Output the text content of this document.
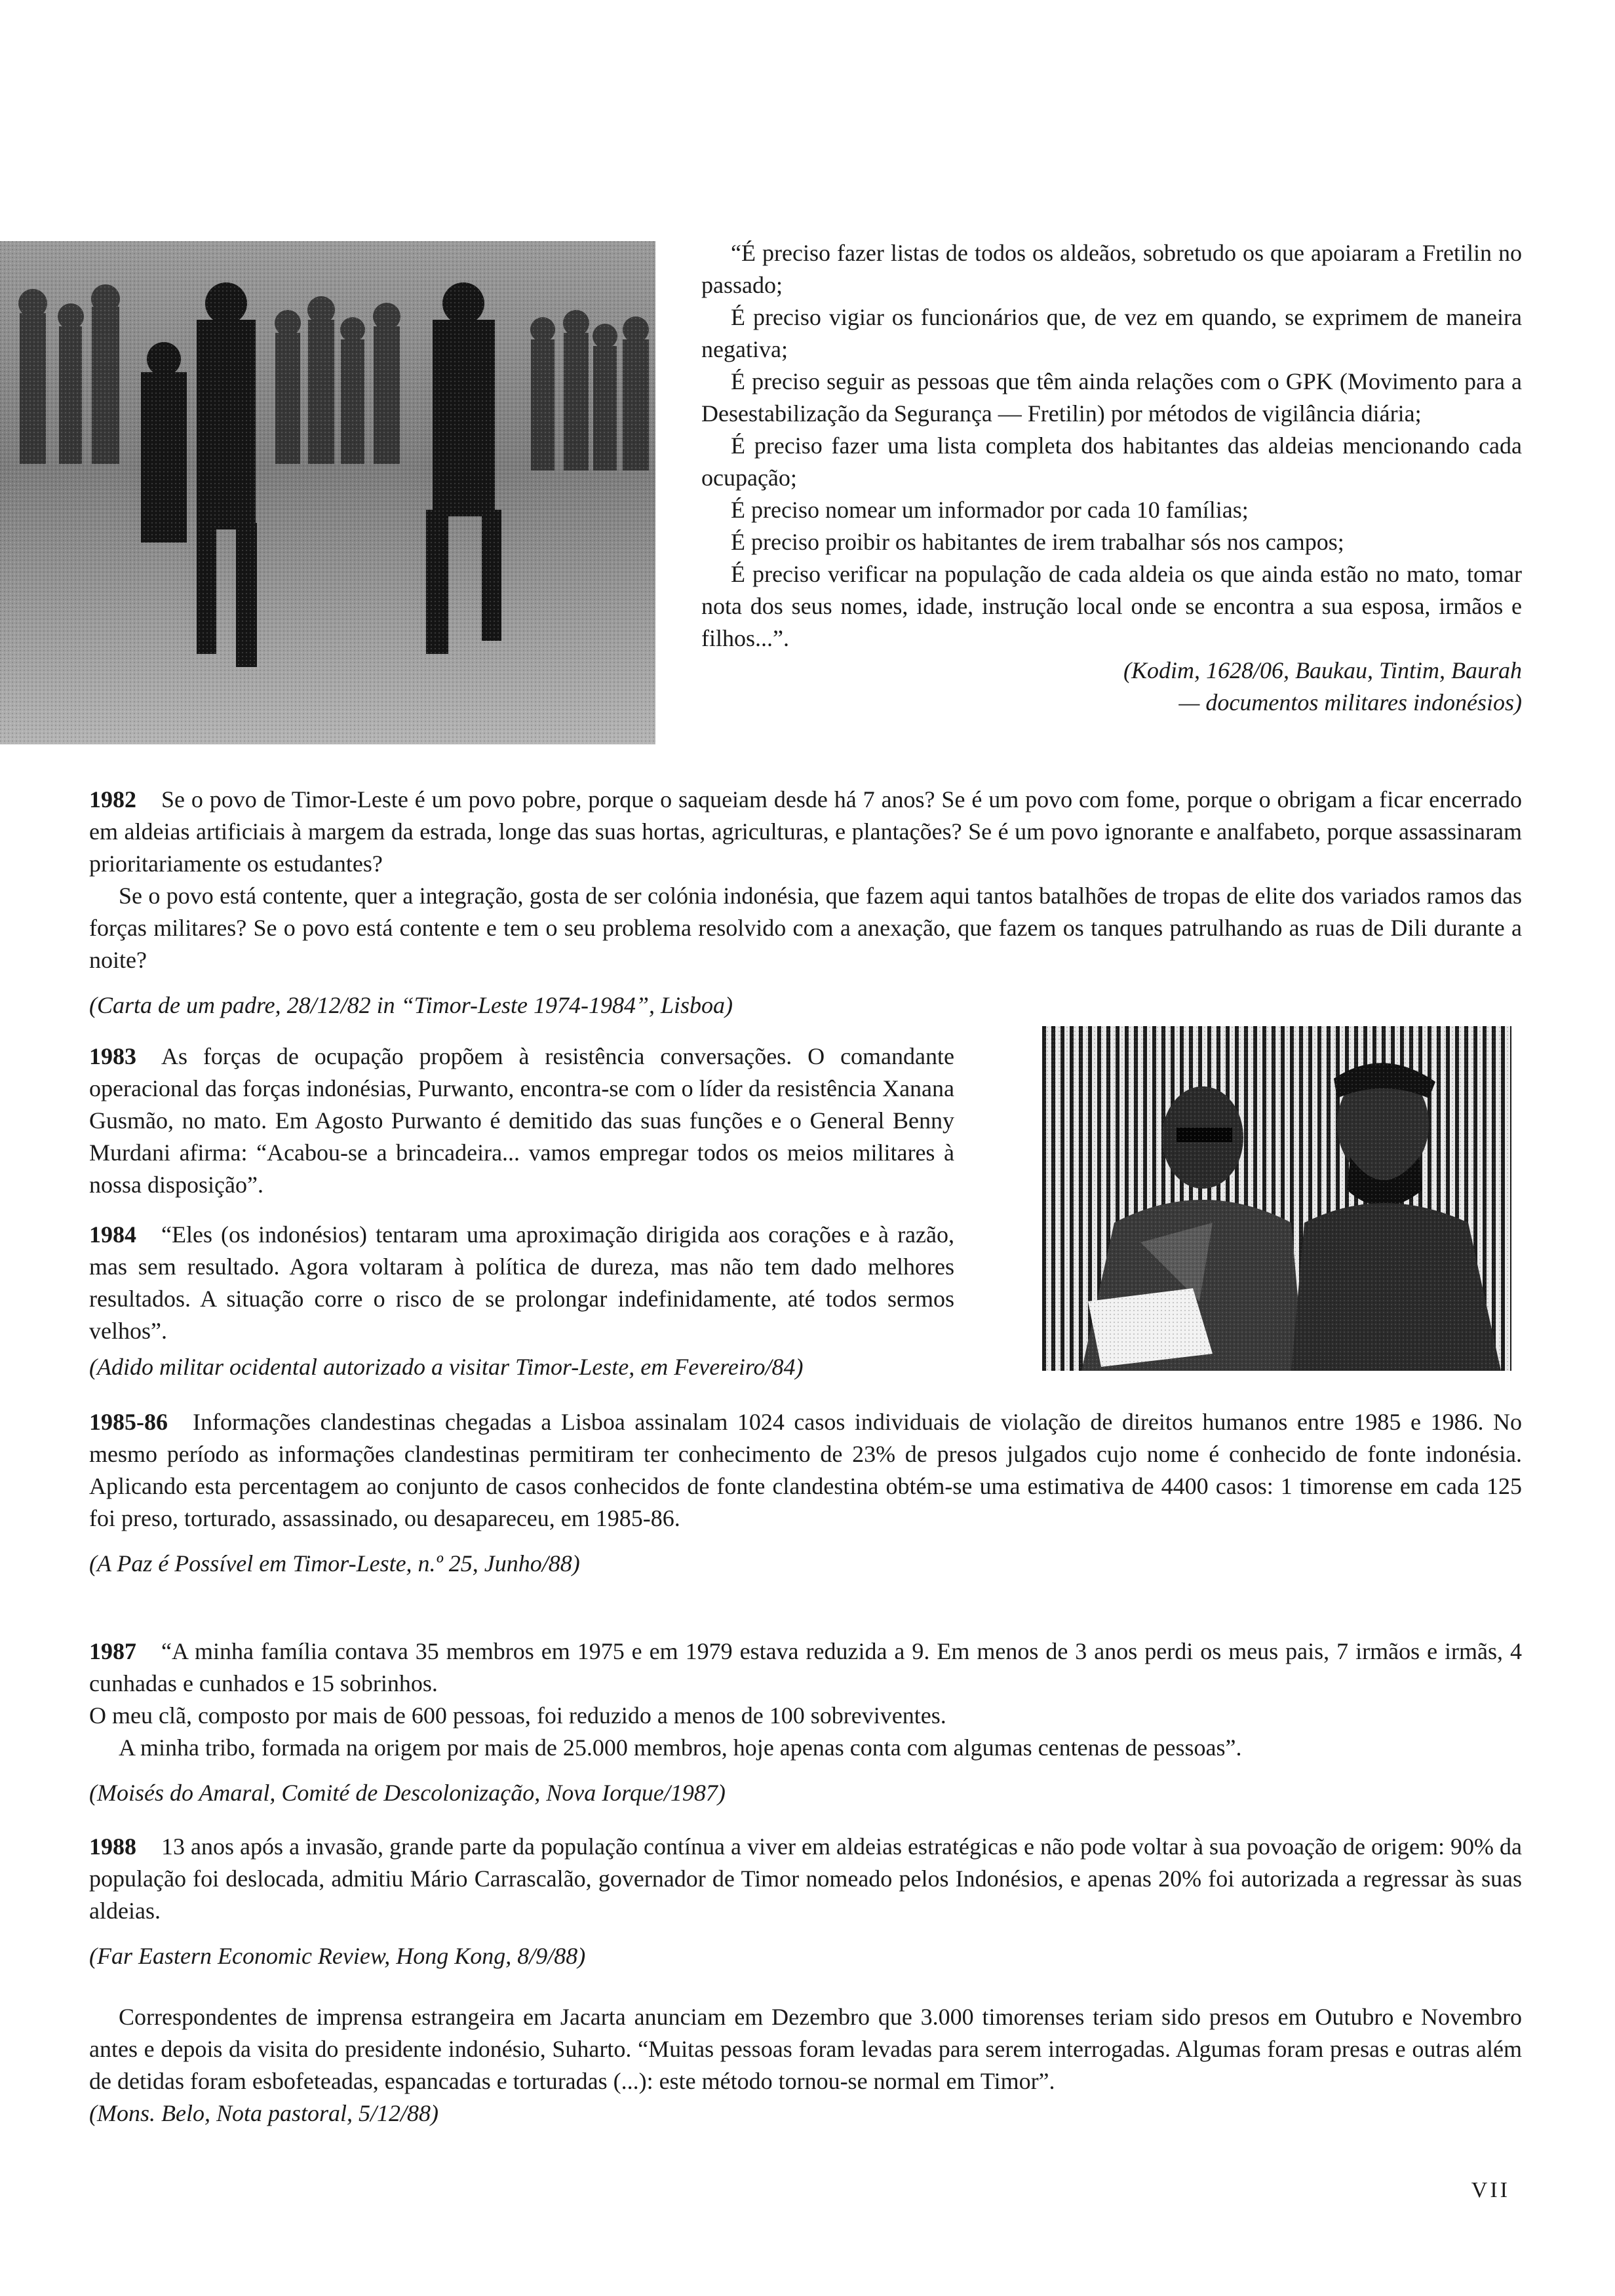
“É preciso fazer listas de todos os aldeãos, sobretudo os que apoiaram a Fretilin no passado;

É preciso vigiar os funcionários que, de vez em quando, se exprimem de maneira negativa;

É preciso seguir as pessoas que têm ainda relações com o GPK (Movimento para a Desestabilização da Segurança — Fretilin) por métodos de vigilância diária;

É preciso fazer uma lista completa dos habitantes das aldeias mencionando cada ocupação;

É preciso nomear um informador por cada 10 famílias;

É preciso proibir os habitantes de irem trabalhar sós nos campos;

É preciso verificar na população de cada aldeia os que ainda estão no mato, tomar nota dos seus nomes, idade, instrução local onde se encontra a sua esposa, irmãos e filhos...”.

(Kodim, 1628/06, Baukau, Tintim, Baurah

— documentos militares indonésios)

1982 Se o povo de Timor-Leste é um povo pobre, porque o saqueiam desde há 7 anos? Se é um povo com fome, porque o obrigam a ficar encerrado em aldeias artificiais à margem da estrada, longe das suas hortas, agriculturas, e plantações? Se é um povo ignorante e analfabeto, porque assassinaram prioritariamente os estudantes?

Se o povo está contente, quer a integração, gosta de ser colónia indonésia, que fazem aqui tantos batalhões de tropas de elite dos variados ramos das forças militares? Se o povo está contente e tem o seu problema resolvido com a anexação, que fazem os tanques patrulhando as ruas de Dili durante a noite?

(Carta de um padre, 28/12/82 in “Timor-Leste 1974-1984”, Lisboa)

1983 As forças de ocupação propõem à resistência conversações. O comandante operacional das forças indonésias, Purwanto, encontra-se com o líder da resistência Xanana Gusmão, no mato. Em Agosto Purwanto é demitido das suas funções e o General Benny Murdani afirma: “Acabou-se a brincadeira... vamos empregar todos os meios militares à nossa disposição”.

1984 “Eles (os indonésios) tentaram uma aproximação dirigida aos corações e à razão, mas sem resultado. Agora voltaram à política de dureza, mas não tem dado melhores resultados. A situação corre o risco de se prolongar indefinidamente, até todos sermos velhos”.

(Adido militar ocidental autorizado a visitar Timor-Leste, em Fevereiro/84)

1985-86 Informações clandestinas chegadas a Lisboa assinalam 1024 casos individuais de violação de direitos humanos entre 1985 e 1986. No mesmo período as informações clandestinas permitiram ter conhecimento de 23% de presos julgados cujo nome é conhecido de fonte indonésia. Aplicando esta percentagem ao conjunto de casos conhecidos de fonte clandestina obtém-se uma estimativa de 4400 casos: 1 timorense em cada 125 foi preso, torturado, assassinado, ou desapareceu, em 1985-86.

(A Paz é Possível em Timor-Leste, n.º 25, Junho/88)

1987 “A minha família contava 35 membros em 1975 e em 1979 estava reduzida a 9. Em menos de 3 anos perdi os meus pais, 7 irmãos e irmãs, 4 cunhadas e cunhados e 15 sobrinhos.

O meu clã, composto por mais de 600 pessoas, foi reduzido a menos de 100 sobreviventes.

A minha tribo, formada na origem por mais de 25.000 membros, hoje apenas conta com algumas centenas de pessoas”.

(Moisés do Amaral, Comité de Descolonização, Nova Iorque/1987)

1988 13 anos após a invasão, grande parte da população contínua a viver em aldeias estratégicas e não pode voltar à sua povoação de origem: 90% da população foi deslocada, admitiu Mário Carrascalão, governador de Timor nomeado pelos Indonésios, e apenas 20% foi autorizada a regressar às suas aldeias.

(Far Eastern Economic Review, Hong Kong, 8/9/88)

Correspondentes de imprensa estrangeira em Jacarta anunciam em Dezembro que 3.000 timorenses teriam sido presos em Outubro e Novembro antes e depois da visita do presidente indonésio, Suharto. “Muitas pessoas foram levadas para serem interrogadas. Algumas foram presas e outras além de detidas foram esbofeteadas, espancadas e torturadas (...): este método tornou-se normal em Timor”.

(Mons. Belo, Nota pastoral, 5/12/88)

VII
